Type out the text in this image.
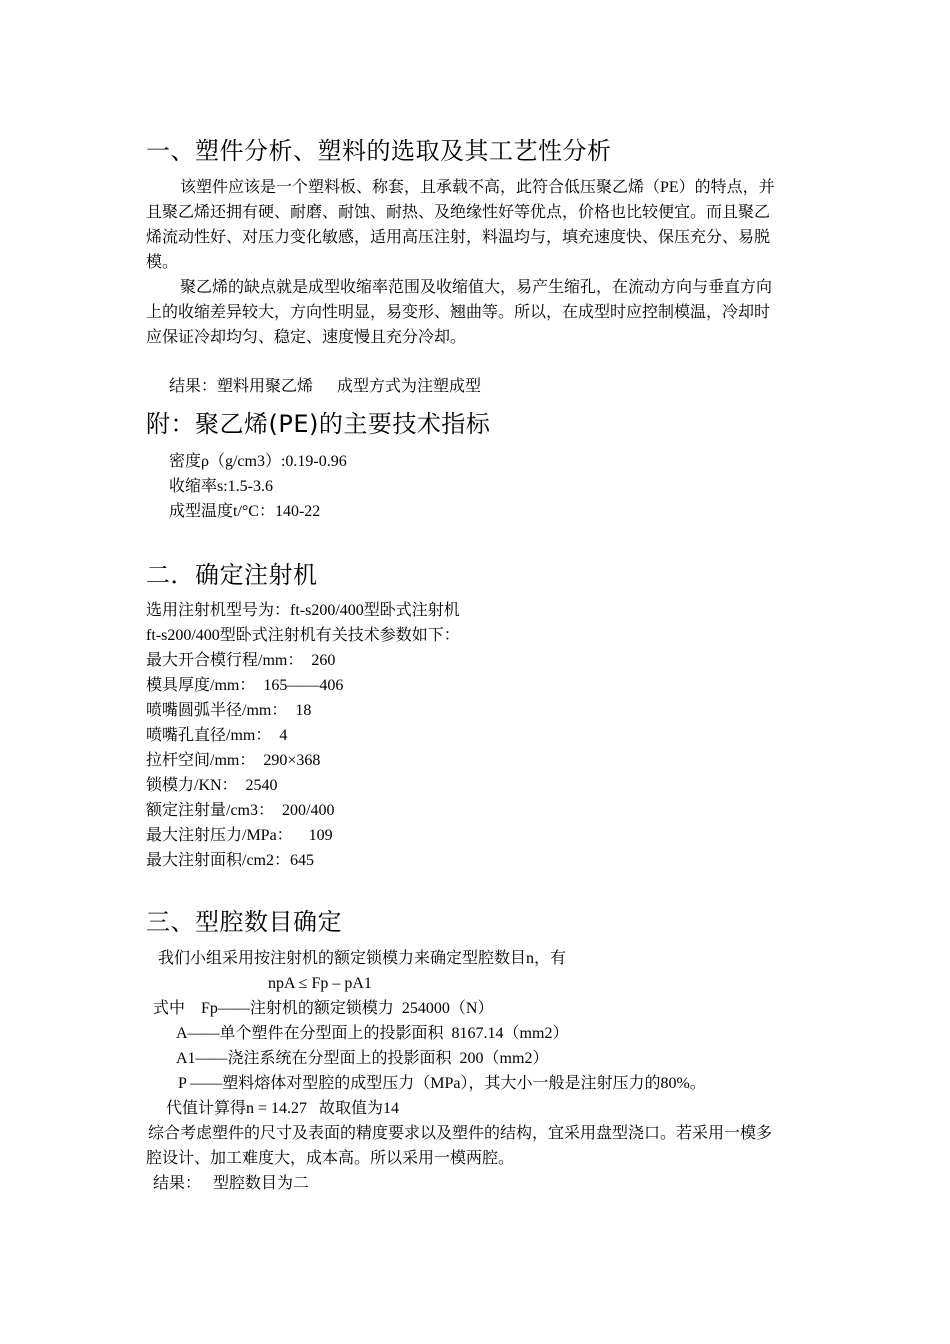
一、塑件分析、塑料的选取及其工艺性分析
该塑件应该是一个塑料板、称套，且承载不高，此符合低压聚乙烯（PE）的特点，并
且聚乙烯还拥有硬、耐磨、耐蚀、耐热、及绝缘性好等优点，价格也比较便宜。而且聚乙
烯流动性好、对压力变化敏感，适用高压注射，料温均与，填充速度快、保压充分、易脱
模。
聚乙烯的缺点就是成型收缩率范围及收缩值大，易产生缩孔，在流动方向与垂直方向
上的收缩差异较大，方向性明显，易变形、翘曲等。所以，在成型时应控制模温，冷却时
应保证冷却均匀、稳定、速度慢且充分冷却。
结果：塑料用聚乙烯      成型方式为注塑成型
附：聚乙烯(PE)的主要技术指标
密度ρ（g/cm3）:0.19-0.96
收缩率s:1.5-3.6
成型温度t/°C：140-22
二．确定注射机
选用注射机型号为：ft-s200/400型卧式注射机
ft-s200/400型卧式注射机有关技术参数如下：
最大开合模行程/mm：  260
模具厚度/mm：  165——406
喷嘴圆弧半径/mm：  18
喷嘴孔直径/mm：  4
拉杆空间/mm：  290×368
锁模力/KN：  2540
额定注射量/cm3：  200/400
最大注射压力/MPa：    109
最大注射面积/cm2：645
三、型腔数目确定
我们小组采用按注射机的额定锁模力来确定型腔数目n，有
npA ≤ Fp – pA1
式中    Fp——注射机的额定锁模力  254000（N）
A——单个塑件在分型面上的投影面积  8167.14（mm2）
A1——浇注系统在分型面上的投影面积  200（mm2）
P ——塑料熔体对型腔的成型压力（MPa），其大小一般是注射压力的80%。
代值计算得n = 14.27   故取值为14
综合考虑塑件的尺寸及表面的精度要求以及塑件的结构，宜采用盘型浇口。若采用一模多
腔设计、加工难度大，成本高。所以采用一模两腔。
结果：   型腔数目为二
